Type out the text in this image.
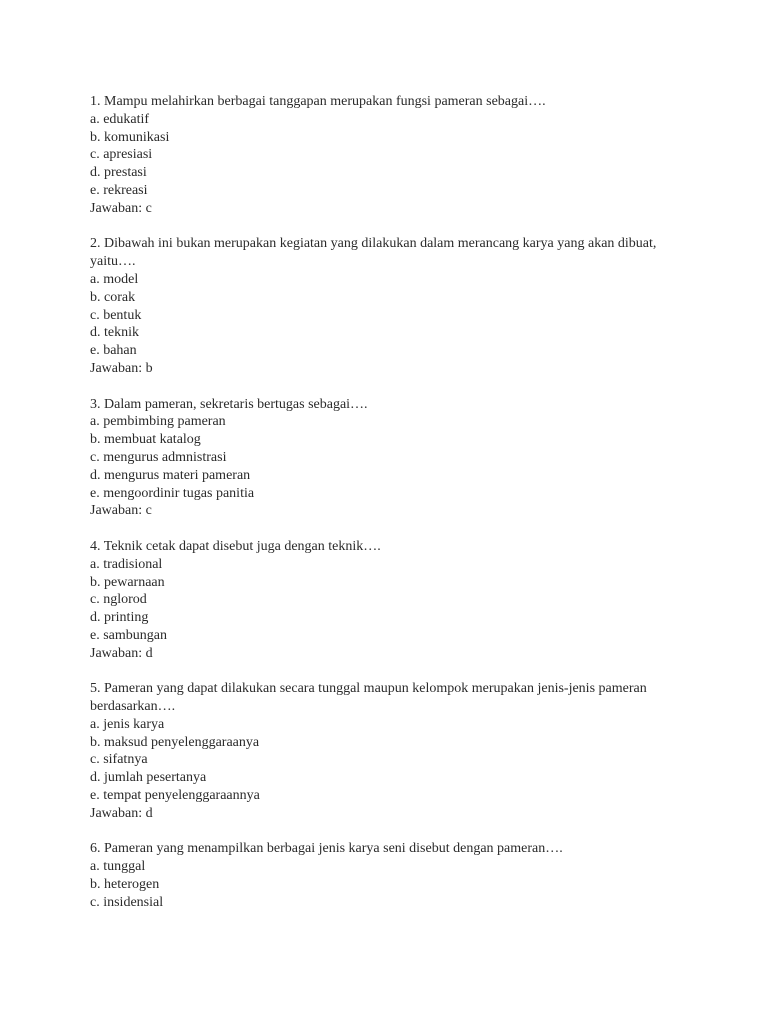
1. Mampu melahirkan berbagai tanggapan merupakan fungsi pameran sebagai….
a. edukatif
b. komunikasi
c. apresiasi
d. prestasi
e. rekreasi
Jawaban: c
2. Dibawah ini bukan merupakan kegiatan yang dilakukan dalam merancang karya yang akan dibuat, yaitu….
a. model
b. corak
c. bentuk
d. teknik
e. bahan
Jawaban: b
3. Dalam pameran, sekretaris bertugas sebagai….
a. pembimbing pameran
b. membuat katalog
c. mengurus admnistrasi
d. mengurus materi pameran
e. mengoordinir tugas panitia
Jawaban: c
4. Teknik cetak dapat disebut juga dengan teknik….
a. tradisional
b. pewarnaan
c. nglorod
d. printing
e. sambungan
Jawaban: d
5. Pameran yang dapat dilakukan secara tunggal maupun kelompok merupakan jenis-jenis pameran berdasarkan….
a. jenis karya
b. maksud penyelenggaraanya
c. sifatnya
d. jumlah pesertanya
e. tempat penyelenggaraannya
Jawaban: d
6. Pameran yang menampilkan berbagai jenis karya seni disebut dengan pameran….
a. tunggal
b. heterogen
c. insidensial
